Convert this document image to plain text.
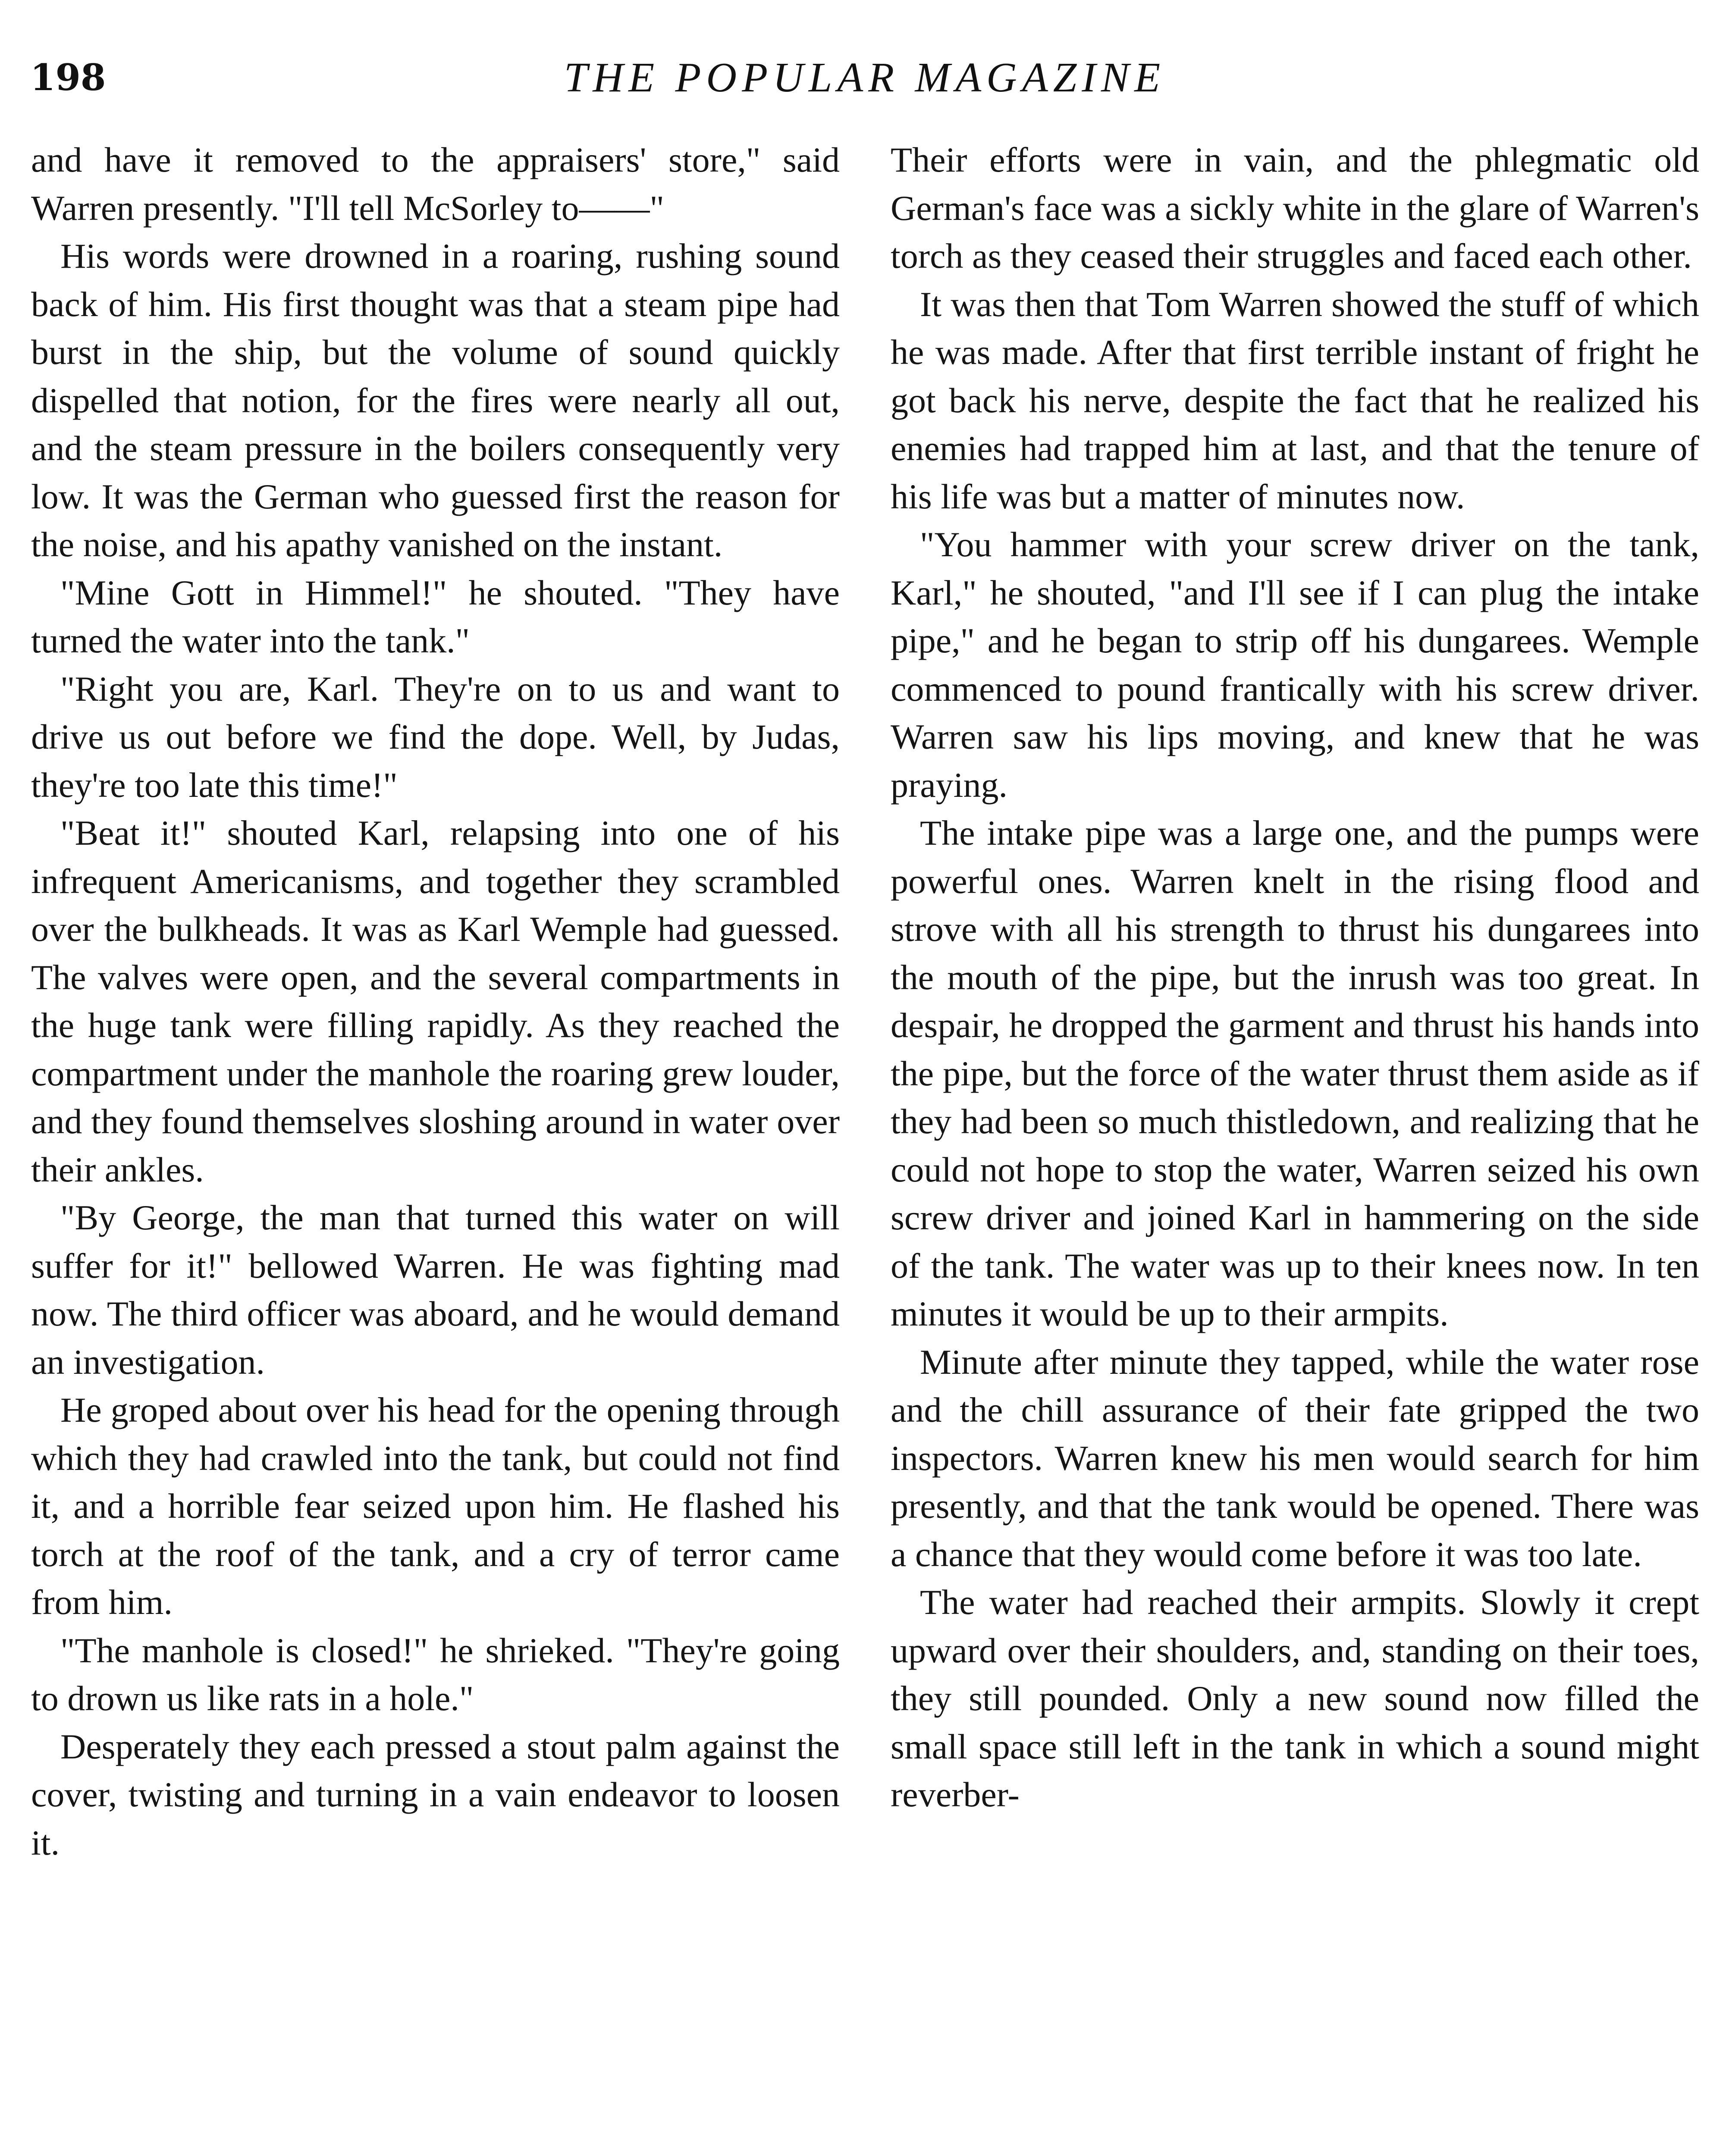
198	THE POPULAR MAGAZINE

and have it removed to the appraisers' store," said Warren presently. "I'll tell McSorley to——"

His words were drowned in a roaring, rushing sound back of him. His first thought was that a steam pipe had burst in the ship, but the volume of sound quickly dispelled that notion, for the fires were nearly all out, and the steam pressure in the boilers consequently very low. It was the German who guessed first the reason for the noise, and his apathy vanished on the instant.

"Mine Gott in Himmel!" he shouted. "They have turned the water into the tank."

"Right you are, Karl. They're on to us and want to drive us out before we find the dope. Well, by Judas, they're too late this time!"

"Beat it!" shouted Karl, relapsing into one of his infrequent Americanisms, and together they scrambled over the bulkheads. It was as Karl Wemple had guessed. The valves were open, and the several compartments in the huge tank were filling rapidly. As they reached the compartment under the manhole the roaring grew louder, and they found themselves sloshing around in water over their ankles.

"By George, the man that turned this water on will suffer for it!" bellowed Warren. He was fighting mad now. The third officer was aboard, and he would demand an investigation.

He groped about over his head for the opening through which they had crawled into the tank, but could not find it, and a horrible fear seized upon him. He flashed his torch at the roof of the tank, and a cry of terror came from him.

"The manhole is closed!" he shrieked. "They're going to drown us like rats in a hole."

Desperately they each pressed a stout palm against the cover, twisting and turning in a vain endeavor to loosen it.

Their efforts were in vain, and the phlegmatic old German's face was a sickly white in the glare of Warren's torch as they ceased their struggles and faced each other.

It was then that Tom Warren showed the stuff of which he was made. After that first terrible instant of fright he got back his nerve, despite the fact that he realized his enemies had trapped him at last, and that the tenure of his life was but a matter of minutes now.

"You hammer with your screw driver on the tank, Karl," he shouted, "and I'll see if I can plug the intake pipe," and he began to strip off his dungarees. Wemple commenced to pound frantically with his screw driver. Warren saw his lips moving, and knew that he was praying.

The intake pipe was a large one, and the pumps were powerful ones. Warren knelt in the rising flood and strove with all his strength to thrust his dungarees into the mouth of the pipe, but the inrush was too great. In despair, he dropped the garment and thrust his hands into the pipe, but the force of the water thrust them aside as if they had been so much thistledown, and realizing that he could not hope to stop the water, Warren seized his own screw driver and joined Karl in hammering on the side of the tank. The water was up to their knees now. In ten minutes it would be up to their armpits.

Minute after minute they tapped, while the water rose and the chill assurance of their fate gripped the two inspectors. Warren knew his men would search for him presently, and that the tank would be opened. There was a chance that they would come before it was too late.

The water had reached their armpits. Slowly it crept upward over their shoulders, and, standing on their toes, they still pounded. Only a new sound now filled the small space still left in the tank in which a sound might reverber-
